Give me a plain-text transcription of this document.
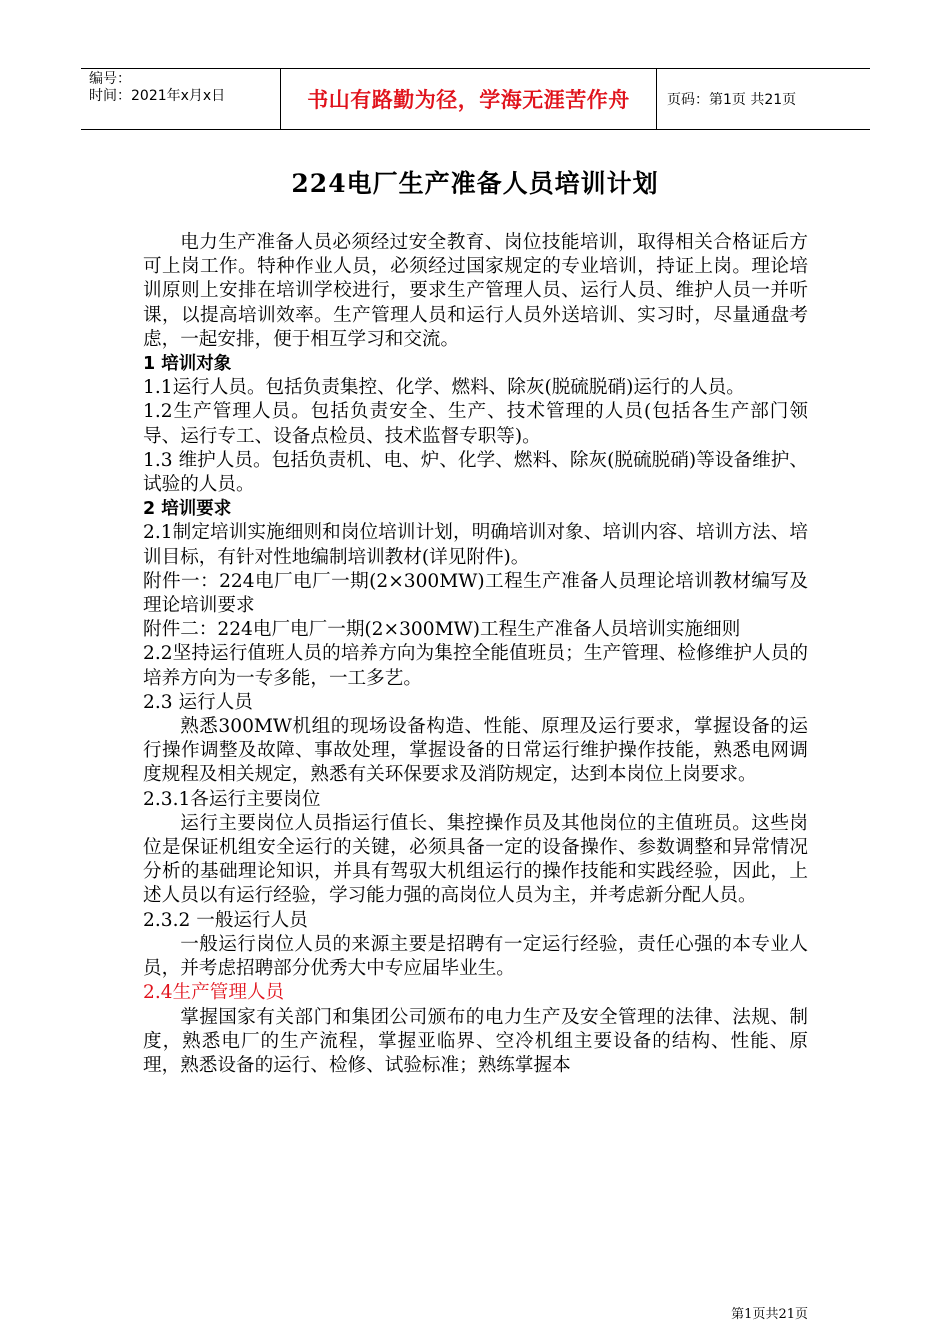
编号：
时间：2021年x月x日	书山有路勤为径，学海无涯苦作舟	页码：第1页 共21页
224电厂生产准备人员培训计划

电力生产准备人员必须经过安全教育、岗位技能培训，取得相关合格证后方可上岗工作。特种作业人员，必须经过国家规定的专业培训，持证上岗。理论培训原则上安排在培训学校进行，要求生产管理人员、运行人员、维护人员一并听课，以提高培训效率。生产管理人员和运行人员外送培训、实习时，尽量通盘考虑，一起安排，便于相互学习和交流。

1 培训对象

1.1运行人员。包括负责集控、化学、燃料、除灰(脱硫脱硝)运行的人员。

1.2生产管理人员。包括负责安全、生产、技术管理的人员(包括各生产部门领导、运行专工、设备点检员、技术监督专职等)。

1.3 维护人员。包括负责机、电、炉、化学、燃料、除灰(脱硫脱硝)等设备维护、试验的人员。

2 培训要求

2.1制定培训实施细则和岗位培训计划，明确培训对象、培训内容、培训方法、培训目标，有针对性地编制培训教材(详见附件)。

附件一：224电厂电厂一期(2×300MW)工程生产准备人员理论培训教材编写及理论培训要求

附件二：224电厂电厂一期(2×300MW)工程生产准备人员培训实施细则

2.2坚持运行值班人员的培养方向为集控全能值班员；生产管理、检修维护人员的培养方向为一专多能，一工多艺。

2.3 运行人员

熟悉300MW机组的现场设备构造、性能、原理及运行要求，掌握设备的运行操作调整及故障、事故处理，掌握设备的日常运行维护操作技能，熟悉电网调度规程及相关规定，熟悉有关环保要求及消防规定，达到本岗位上岗要求。

2.3.1各运行主要岗位

运行主要岗位人员指运行值长、集控操作员及其他岗位的主值班员。这些岗位是保证机组安全运行的关键，必须具备一定的设备操作、参数调整和异常情况分析的基础理论知识，并具有驾驭大机组运行的操作技能和实践经验，因此，上述人员以有运行经验，学习能力强的高岗位人员为主，并考虑新分配人员。

2.3.2 一般运行人员

一般运行岗位人员的来源主要是招聘有一定运行经验，责任心强的本专业人员，并考虑招聘部分优秀大中专应届毕业生。

2.4生产管理人员

掌握国家有关部门和集团公司颁布的电力生产及安全管理的法律、法规、制度，熟悉电厂的生产流程，掌握亚临界、空冷机组主要设备的结构、性能、原理，熟悉设备的运行、检修、试验标准；熟练掌握本

第1页共21页
